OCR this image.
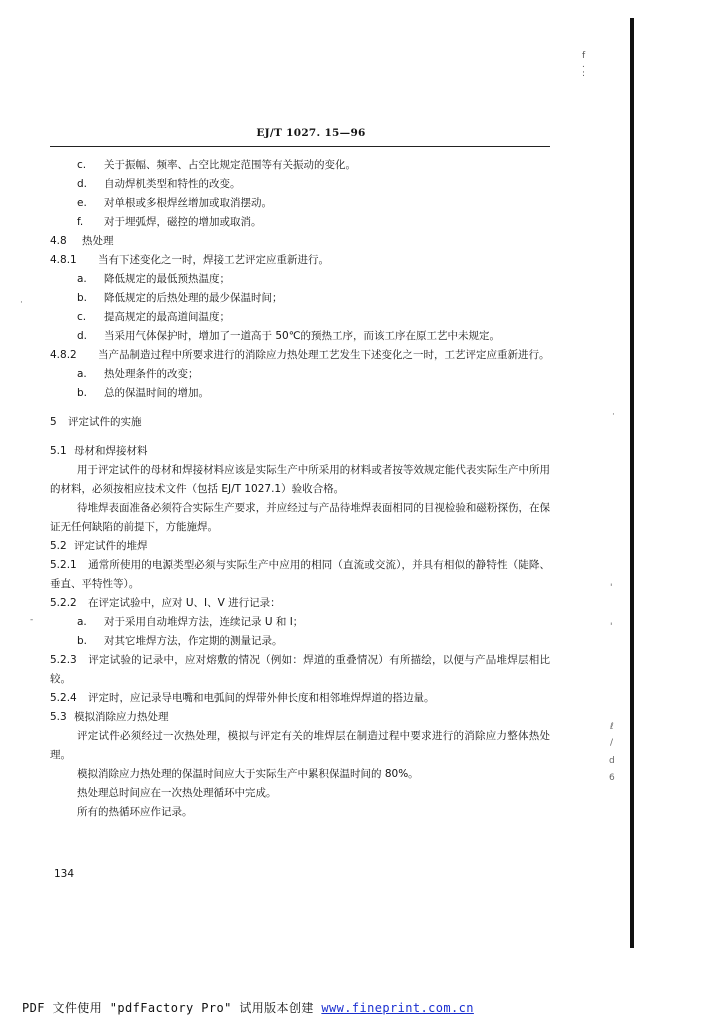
f . :
EJ/T 1027. 15—96
c. 关于振幅、频率、占空比规定范围等有关振动的变化。
d. 自动焊机类型和特性的改变。
e. 对单根或多根焊丝增加或取消摆动。
f. 对于埋弧焊，磁控的增加或取消。
4.8 热处理
4.8.1 当有下述变化之一时，焊接工艺评定应重新进行。
a. 降低规定的最低预热温度；
b. 降低规定的后热处理的最少保温时间；
c. 提高规定的最高道间温度；
d. 当采用气体保护时，增加了一道高于 50℃的预热工序，而该工序在原工艺中未规定。
4.8.2 当产品制造过程中所要求进行的消除应力热处理工艺发生下述变化之一时，工艺评定应重新进行。
a. 热处理条件的改变；
b. 总的保温时间的增加。
5 评定试件的实施
5.1 母材和焊接材料
用于评定试件的母材和焊接材料应该是实际生产中所采用的材料或者按等效规定能代表实际生产中所用的材料，必须按相应技术文件（包括 EJ/T 1027.1）验收合格。
待堆焊表面准备必须符合实际生产要求，并应经过与产品待堆焊表面相同的目视检验和磁粉探伤，在保证无任何缺陷的前提下，方能施焊。
5.2 评定试件的堆焊
5.2.1 通常所使用的电源类型必须与实际生产中应用的相同（直流或交流），并具有相似的静特性（陡降、垂直、平特性等）。
5.2.2 在评定试验中，应对 U、I、V 进行记录：
a. 对于采用自动堆焊方法，连续记录 U 和 I；
b. 对其它堆焊方法，作定期的测量记录。
5.2.3 评定试验的记录中，应对熔敷的情况（例如：焊道的重叠情况）有所描绘，以便与产品堆焊层相比较。
5.2.4 评定时，应记录导电嘴和电弧间的焊带外伸长度和相邻堆焊焊道的搭边量。
5.3 模拟消除应力热处理
评定试件必须经过一次热处理，模拟与评定有关的堆焊层在制造过程中要求进行的消除应力整体热处理。
模拟消除应力热处理的保温时间应大于实际生产中累积保温时间的 80%。
热处理总时间应在一次热处理循环中完成。
所有的热循环应作记录。
134
·
·
'
'
ℓ
/
d
6
-
PDF 文件使用 "pdfFactory Pro" 试用版本创建 www.fineprint.com.cn
